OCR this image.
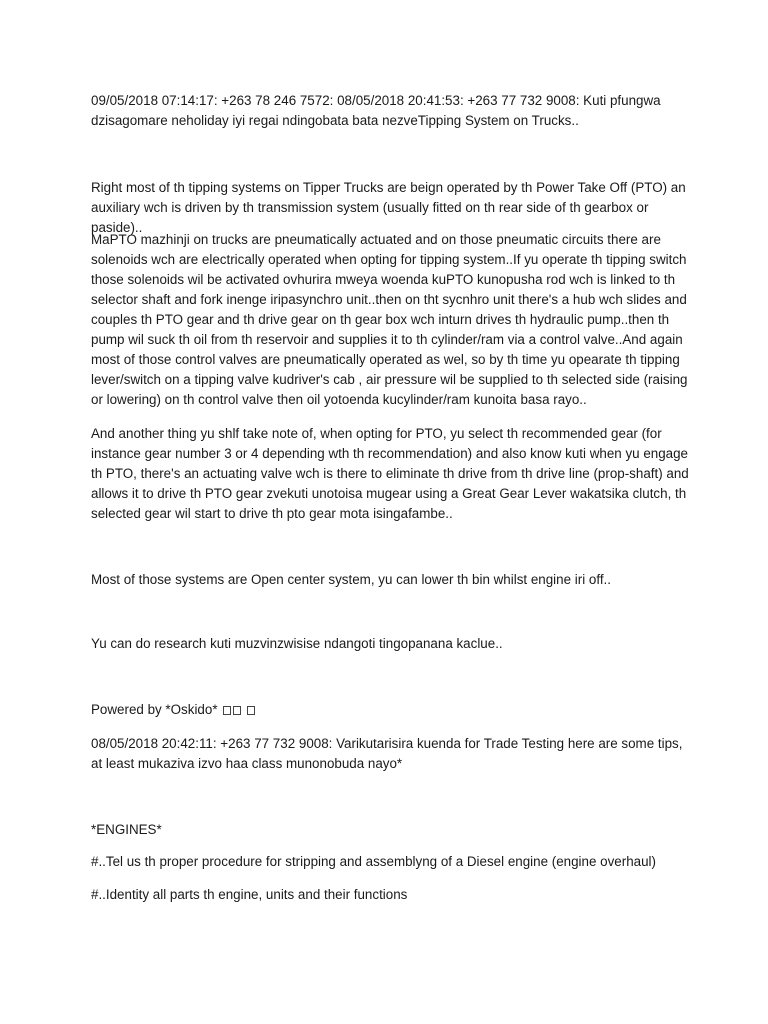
09/05/2018 07:14:17: +263 78 246 7572: 08/05/2018 20:41:53: +263 77 732 9008: Kuti pfungwa dzisagomare neholiday iyi regai ndingobata bata nezveTipping System on Trucks..

Right most of th tipping systems on Tipper Trucks are beign operated by th Power Take Off (PTO) an auxiliary wch is driven by th transmission system (usually fitted on th rear side of th gearbox or paside)..

MaPTO mazhinji on trucks are pneumatically actuated and on those pneumatic circuits there are solenoids wch are electrically operated when opting for tipping system..If yu operate th tipping switch those solenoids wil be activated ovhurira mweya woenda kuPTO kunopusha rod wch is linked to th selector shaft and fork inenge iripasynchro unit..then on tht sycnhro unit there's a hub wch slides and couples th PTO gear and th drive gear on th gear box wch inturn drives th hydraulic pump..then th pump wil suck th oil from th reservoir and supplies it to th cylinder/ram via a control valve..And again most of those control valves are pneumatically operated as wel, so by th time yu opearate th tipping lever/switch on a tipping valve kudriver's cab , air pressure wil be supplied to th selected side (raising or lowering) on th control valve then oil yotoenda kucylinder/ram kunoita basa rayo..

And another thing yu shlf take note of, when opting for PTO, yu select th recommended gear (for instance gear number 3 or 4 depending wth th recommendation) and also know kuti when yu engage th PTO, there's an actuating valve wch is there to eliminate th drive from th drive line (prop-shaft) and allows it to drive th PTO gear zvekuti unotoisa mugear using a Great Gear Lever wakatsika clutch, th selected gear wil start to drive th pto gear mota isingafambe..

Most of those systems are Open center system, yu can lower th bin whilst engine iri off..

Yu can do research kuti muzvinzwisise ndangoti tingopanana kaclue..

Powered by *Oskido*

08/05/2018 20:42:11: +263 77 732 9008: Varikutarisira kuenda for Trade Testing here are some tips, at least mukaziva izvo haa class munonobuda nayo*

*ENGINES*

#..Tel us th proper procedure for stripping and assemblyng of a Diesel engine (engine overhaul)

#..Identity all parts th engine, units and their functions
